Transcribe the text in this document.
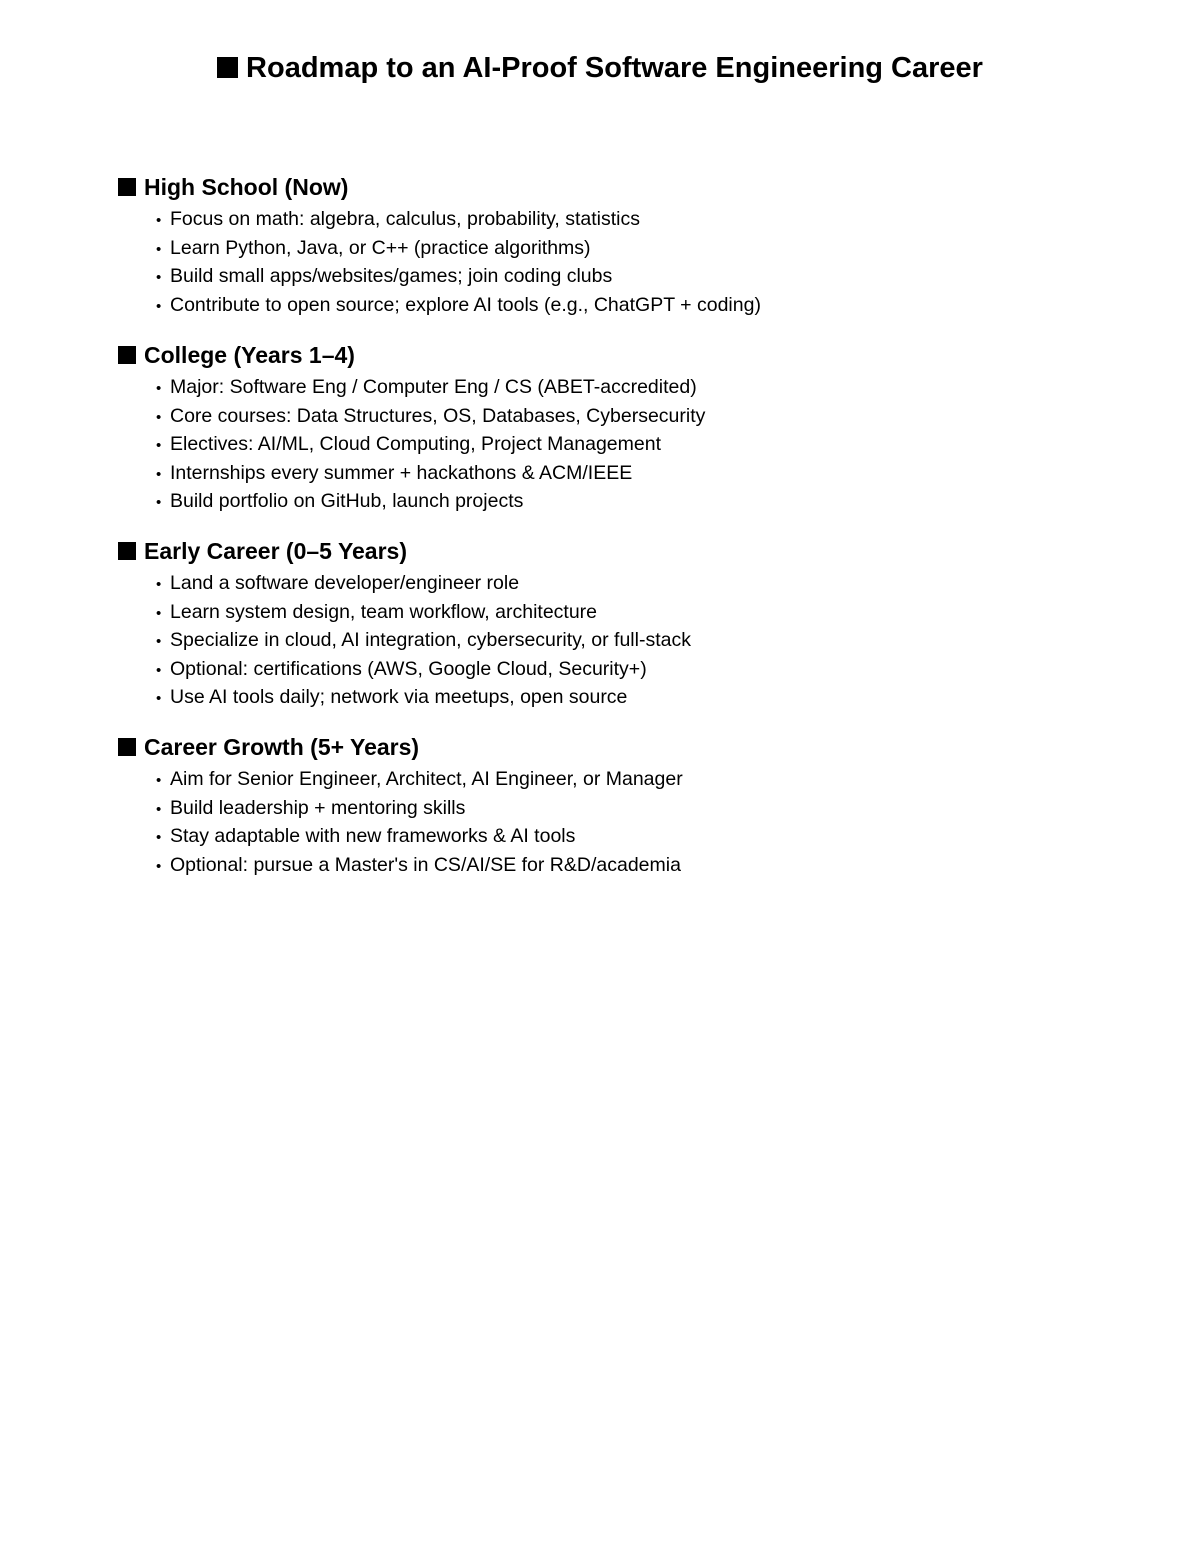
Roadmap to an AI-Proof Software Engineering Career
High School (Now)
• Focus on math: algebra, calculus, probability, statistics
• Learn Python, Java, or C++ (practice algorithms)
• Build small apps/websites/games; join coding clubs
• Contribute to open source; explore AI tools (e.g., ChatGPT + coding)
College (Years 1–4)
• Major: Software Eng / Computer Eng / CS (ABET-accredited)
• Core courses: Data Structures, OS, Databases, Cybersecurity
• Electives: AI/ML, Cloud Computing, Project Management
• Internships every summer + hackathons & ACM/IEEE
• Build portfolio on GitHub, launch projects
Early Career (0–5 Years)
• Land a software developer/engineer role
• Learn system design, team workflow, architecture
• Specialize in cloud, AI integration, cybersecurity, or full-stack
• Optional: certifications (AWS, Google Cloud, Security+)
• Use AI tools daily; network via meetups, open source
Career Growth (5+ Years)
• Aim for Senior Engineer, Architect, AI Engineer, or Manager
• Build leadership + mentoring skills
• Stay adaptable with new frameworks & AI tools
• Optional: pursue a Master's in CS/AI/SE for R&D/academia
